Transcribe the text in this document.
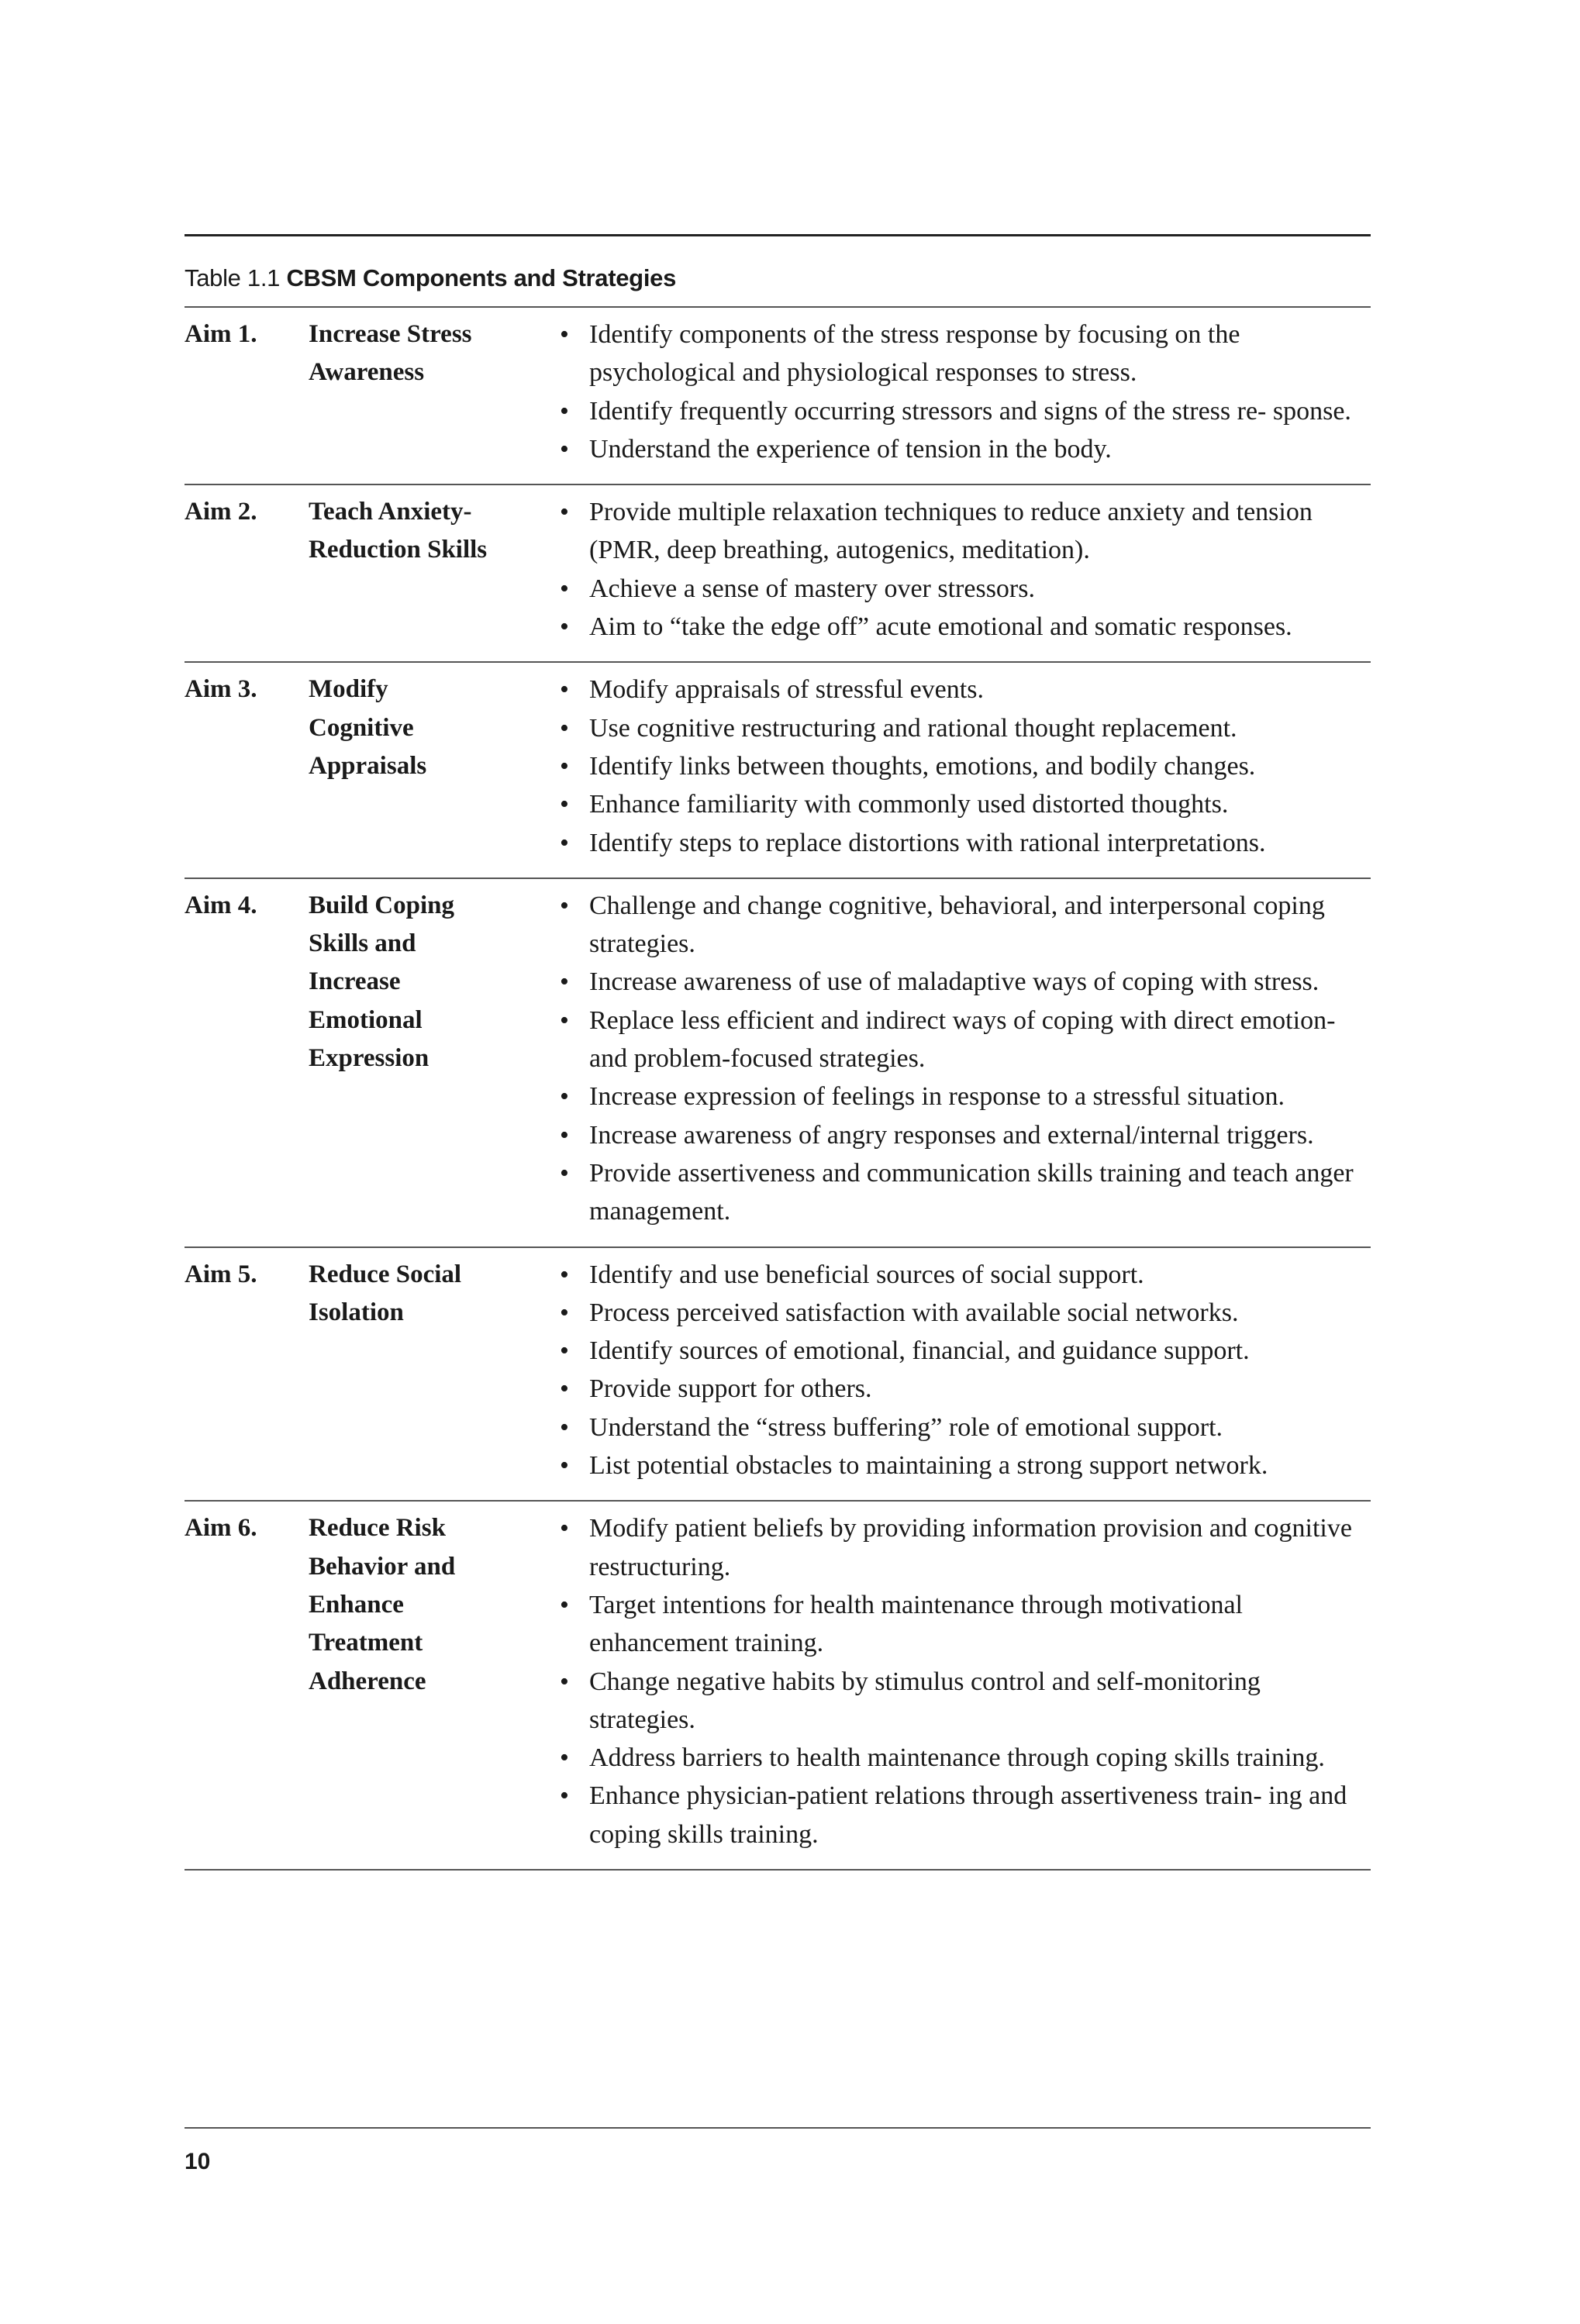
Table 1.1 CBSM Components and Strategies
Aim 1.	Increase Stress
Awareness
• Identify components of the stress response by focusing on the psychological and physiological responses to stress.
• Identify frequently occurring stressors and signs of the stress re- sponse.
• Understand the experience of tension in the body.
Aim 2.	Teach Anxiety-
Reduction Skills
• Provide multiple relaxation techniques to reduce anxiety and tension (PMR, deep breathing, autogenics, meditation).
• Achieve a sense of mastery over stressors.
• Aim to “take the edge off” acute emotional and somatic responses.
Aim 3.	Modify
Cognitive
Appraisals
• Modify appraisals of stressful events.
• Use cognitive restructuring and rational thought replacement.
• Identify links between thoughts, emotions, and bodily changes.
• Enhance familiarity with commonly used distorted thoughts.
• Identify steps to replace distortions with rational interpretations.
Aim 4.	Build Coping
Skills and
Increase
Emotional
Expression
• Challenge and change cognitive, behavioral, and interpersonal coping strategies.
• Increase awareness of use of maladaptive ways of coping with stress.
• Replace less efficient and indirect ways of coping with direct emotion- and problem-focused strategies.
• Increase expression of feelings in response to a stressful situation.
• Increase awareness of angry responses and external/internal triggers.
• Provide assertiveness and communication skills training and teach anger management.
Aim 5.	Reduce Social
Isolation
• Identify and use beneficial sources of social support.
• Process perceived satisfaction with available social networks.
• Identify sources of emotional, financial, and guidance support.
• Provide support for others.
• Understand the “stress buffering” role of emotional support.
• List potential obstacles to maintaining a strong support network.
Aim 6.	Reduce Risk
Behavior and
Enhance
Treatment
Adherence
• Modify patient beliefs by providing information provision and cognitive restructuring.
• Target intentions for health maintenance through motivational enhancement training.
• Change negative habits by stimulus control and self-monitoring strategies.
• Address barriers to health maintenance through coping skills training.
• Enhance physician-patient relations through assertiveness train- ing and coping skills training.
10
